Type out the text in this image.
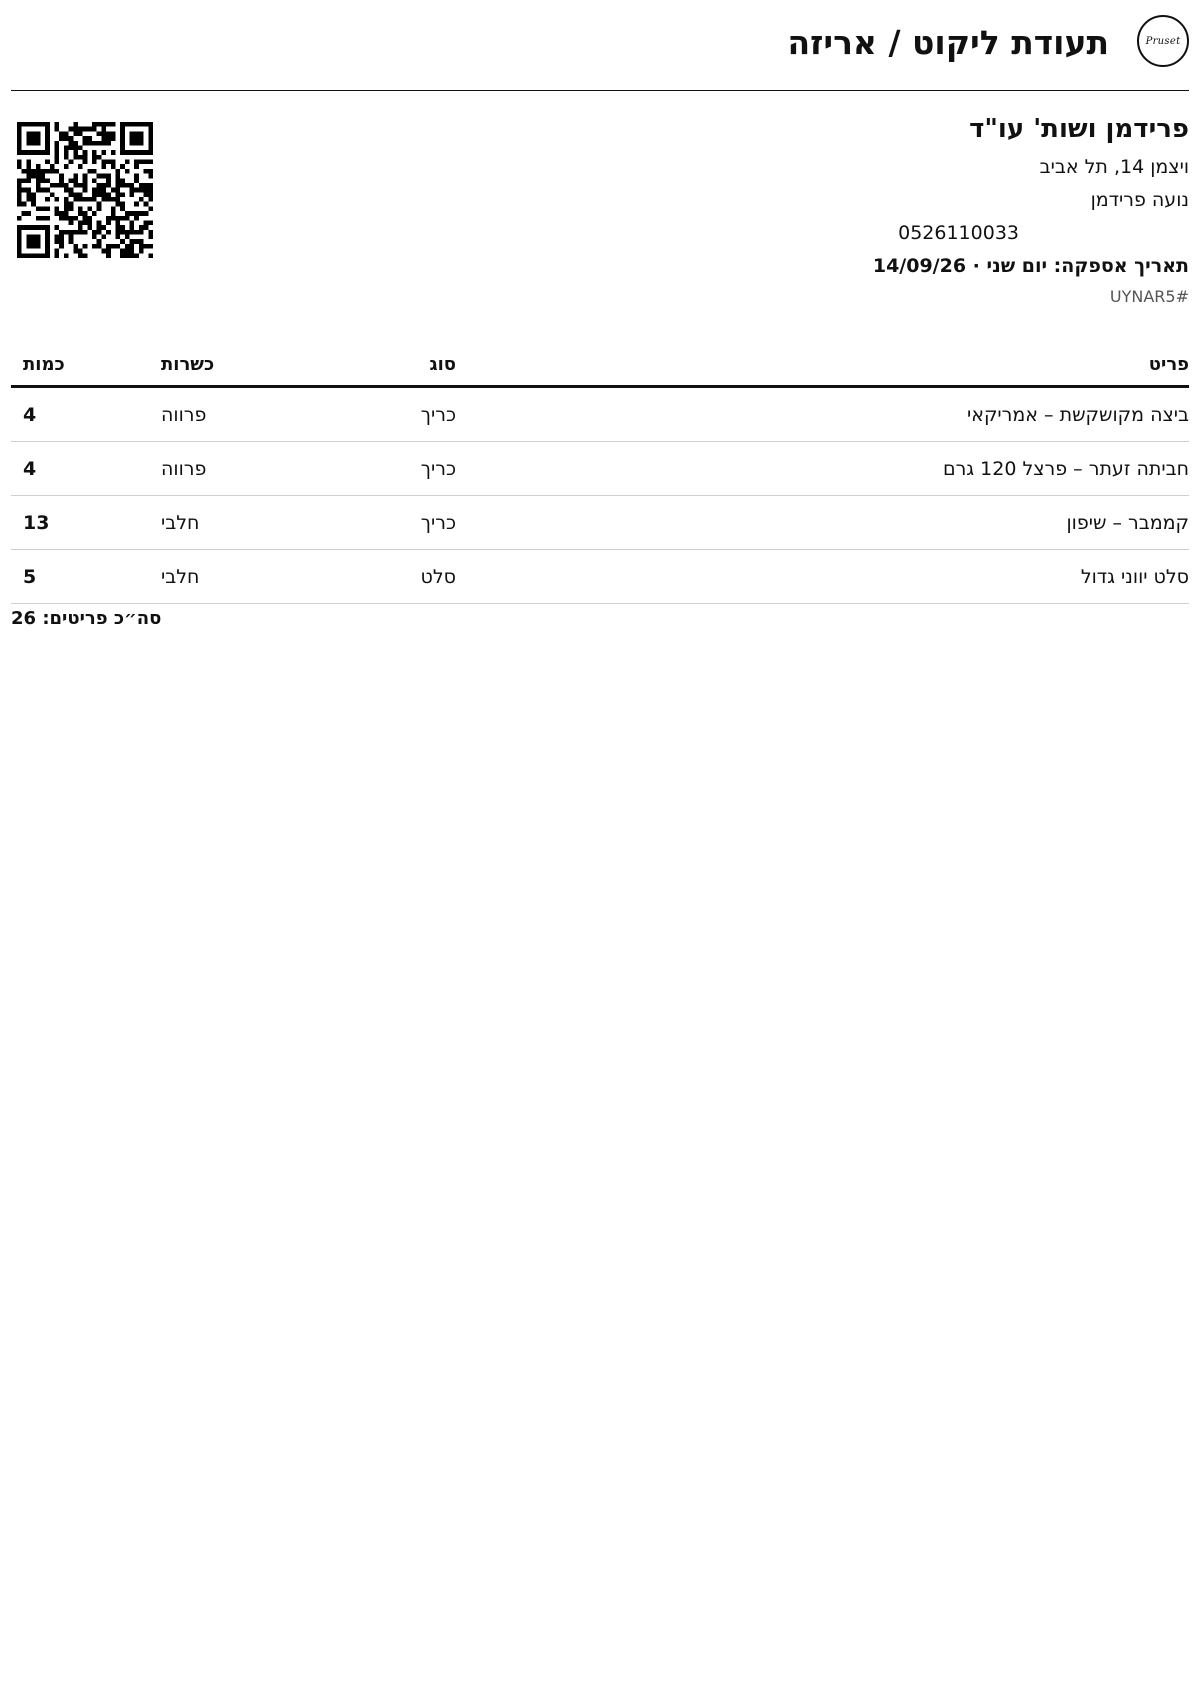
Pruset
תעודת ליקוט / אריזה
פרידמן ושות' עו"ד
ויצמן 14, תל אביב
נועה פרידמן
0526110033
תאריך אספקה: יום שני · 14/09/26
#UYNAR5
פריט	סוג	כשרות	כמות
ביצה מקושקשת – אמריקאי	כריך	פרווה	4
חביתה זעתר – פרצל 120 גרם	כריך	פרווה	4
קממבר – שיפון	כריך	חלבי	13
סלט יווני גדול	סלט	חלבי	5
סה״כ פריטים: 26
